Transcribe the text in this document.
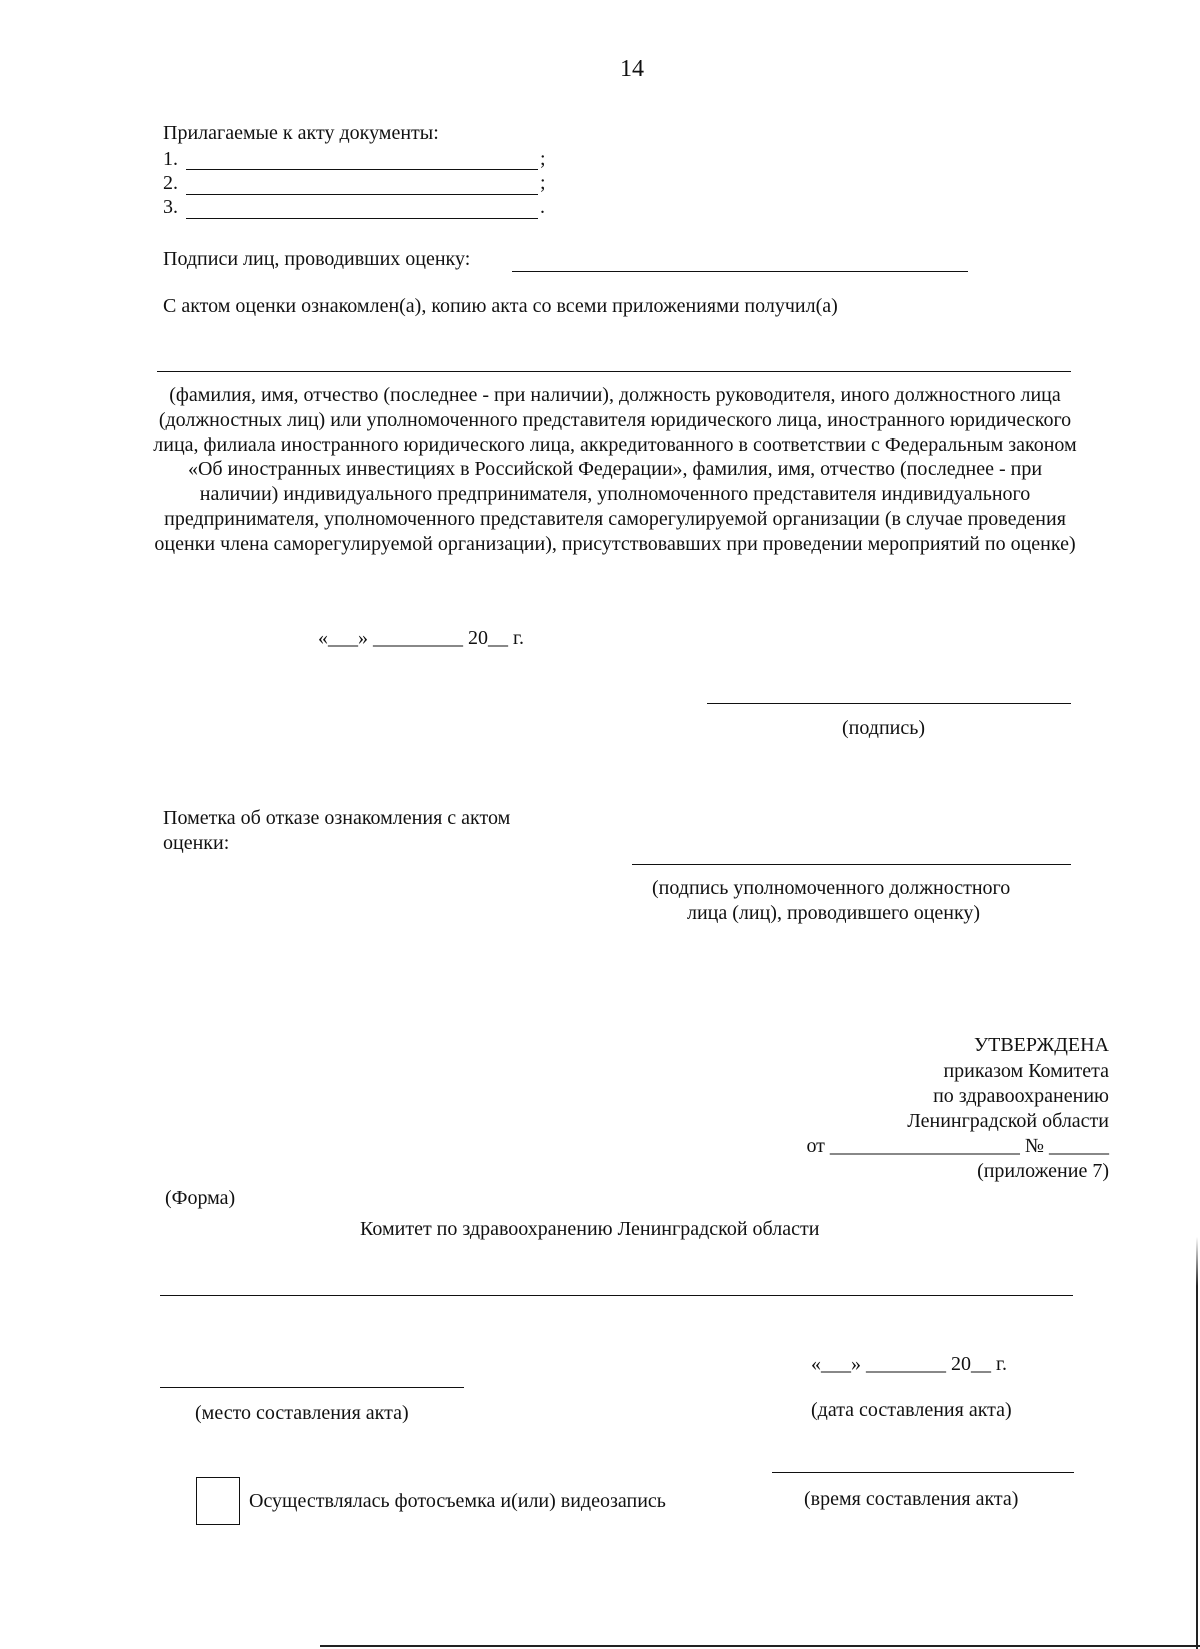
14
Прилагаемые к акту документы:
1.	;
2.	;
3.	.
Подписи лиц, проводивших оценку:
С актом оценки ознакомлен(а), копию акта со всеми приложениями получил(а)
(фамилия, имя, отчество (последнее - при наличии), должность руководителя, иного должностного лица (должностных лиц) или уполномоченного представителя юридического лица, иностранного юридического лица, филиала иностранного юридического лица, аккредитованного в соответствии с Федеральным законом «Об иностранных инвестициях в Российской Федерации», фамилия, имя, отчество (последнее - при наличии) индивидуального предпринимателя, уполномоченного представителя индивидуального предпринимателя, уполномоченного представителя саморегулируемой организации (в случае проведения оценки члена саморегулируемой организации), присутствовавших при проведении мероприятий по оценке)
«___» _________ 20__ г.
(подпись)
Пометка об отказе ознакомления с актом
оценки:
(подпись уполномоченного должностного
лица (лиц), проводившего оценку)
УТВЕРЖДЕНА
приказом Комитета
по здравоохранению
Ленинградской области
от ___________________ № ______
(приложение 7)
(Форма)
Комитет по здравоохранению Ленинградской области
«___» ________ 20__ г.
(место составления акта)	(дата составления акта)
Осуществлялась фотосъемка и(или) видеозапись	(время составления акта)
